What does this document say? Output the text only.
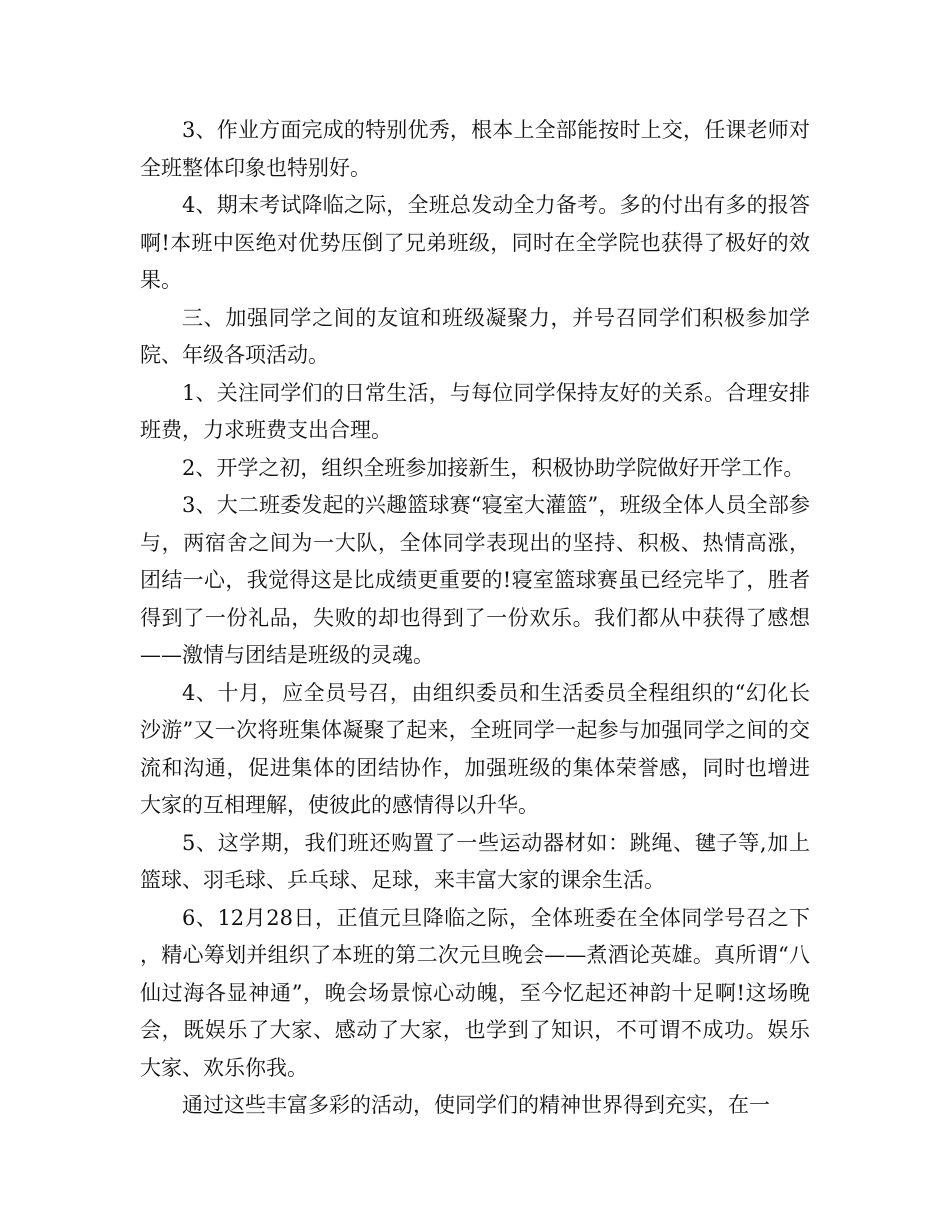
3、作业方面完成的特别优秀，根本上全部能按时上交，任课老师对全班整体印象也特别好。

4、期末考试降临之际，全班总发动全力备考。多的付出有多的报答啊!本班中医绝对优势压倒了兄弟班级，同时在全学院也获得了极好的效果。

三、加强同学之间的友谊和班级凝聚力，并号召同学们积极参加学院、年级各项活动。

1、关注同学们的日常生活，与每位同学保持友好的关系。合理安排班费，力求班费支出合理。

2、开学之初，组织全班参加接新生，积极协助学院做好开学工作。

3、大二班委发起的兴趣篮球赛“寝室大灌篮”，班级全体人员全部参与，两宿舍之间为一大队，全体同学表现出的坚持、积极、热情高涨，团结一心，我觉得这是比成绩更重要的!寝室篮球赛虽已经完毕了，胜者得到了一份礼品，失败的却也得到了一份欢乐。我们都从中获得了感想——激情与团结是班级的灵魂。

4、十月，应全员号召，由组织委员和生活委员全程组织的“幻化长沙游”又一次将班集体凝聚了起来，全班同学一起参与加强同学之间的交流和沟通，促进集体的团结协作，加强班级的集体荣誉感，同时也增进大家的互相理解，使彼此的感情得以升华。

5、这学期，我们班还购置了一些运动器材如：跳绳、毽子等,加上篮球、羽毛球、乒乓球、足球，来丰富大家的课余生活。

6、12月28日，正值元旦降临之际，全体班委在全体同学号召之下，精心筹划并组织了本班的第二次元旦晚会——煮酒论英雄。真所谓“八仙过海各显神通”，晚会场景惊心动魄，至今忆起还神韵十足啊!这场晚会，既娱乐了大家、感动了大家，也学到了知识，不可谓不成功。娱乐大家、欢乐你我。

通过这些丰富多彩的活动，使同学们的精神世界得到充实，在一
